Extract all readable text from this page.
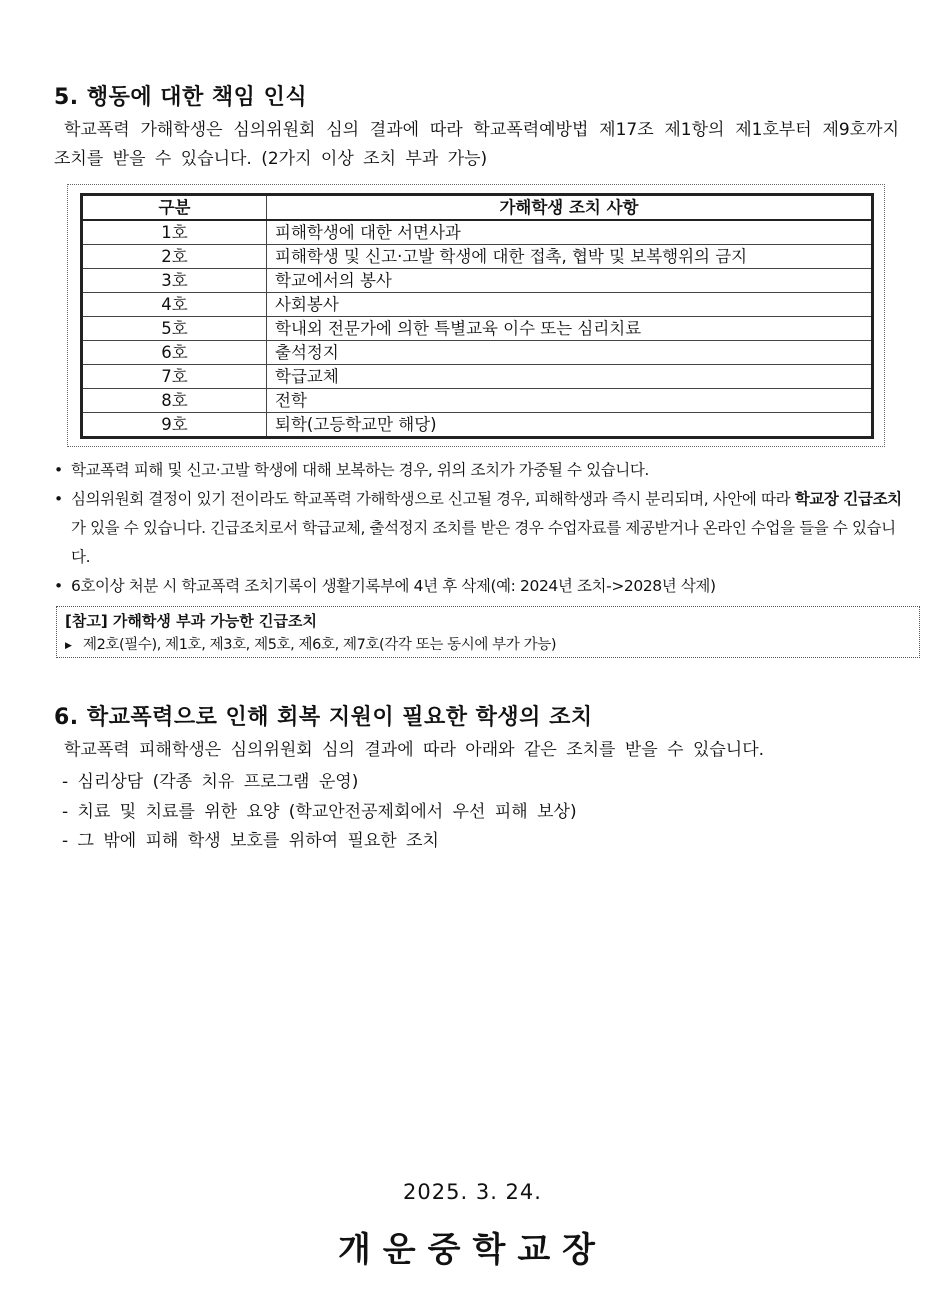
5. 행동에 대한 책임 인식

학교폭력 가해학생은 심의위원회 심의 결과에 따라 학교폭력예방법 제17조 제1항의 제1호부터 제9호까지 조치를 받을 수 있습니다. (2가지 이상 조치 부과 가능)

구분	가해학생 조치 사항
1호	피해학생에 대한 서면사과
2호	피해학생 및 신고·고발 학생에 대한 접촉, 협박 및 보복행위의 금지
3호	학교에서의 봉사
4호	사회봉사
5호	학내외 전문가에 의한 특별교육 이수 또는 심리치료
6호	출석정지
7호	학급교체
8호	전학
9호	퇴학(고등학교만 해당)
• 학교폭력 피해 및 신고·고발 학생에 대해 보복하는 경우, 위의 조치가 가중될 수 있습니다.
• 심의위원회 결정이 있기 전이라도 학교폭력 가해학생으로 신고될 경우, 피해학생과 즉시 분리되며, 사안에 따라 학교장 긴급조치가 있을 수 있습니다. 긴급조치로서 학급교체, 출석정지 조치를 받은 경우 수업자료를 제공받거나 온라인 수업을 들을 수 있습니다.
• 6호이상 처분 시 학교폭력 조치기록이 생활기록부에 4년 후 삭제(예: 2024년 조치->2028년 삭제)
[참고] 가해학생 부과 가능한 긴급조치
▶ 제2호(필수), 제1호, 제3호, 제5호, 제6호, 제7호(각각 또는 동시에 부가 가능)
6. 학교폭력으로 인해 회복 지원이 필요한 학생의 조치

학교폭력 피해학생은 심의위원회 심의 결과에 따라 아래와 같은 조치를 받을 수 있습니다.

- 심리상담 (각종 치유 프로그램 운영)
- 치료 및 치료를 위한 요양 (학교안전공제회에서 우선 피해 보상)
- 그 밖에 피해 학생 보호를 위하여 필요한 조치

2025. 3. 24.

개운중학교장
